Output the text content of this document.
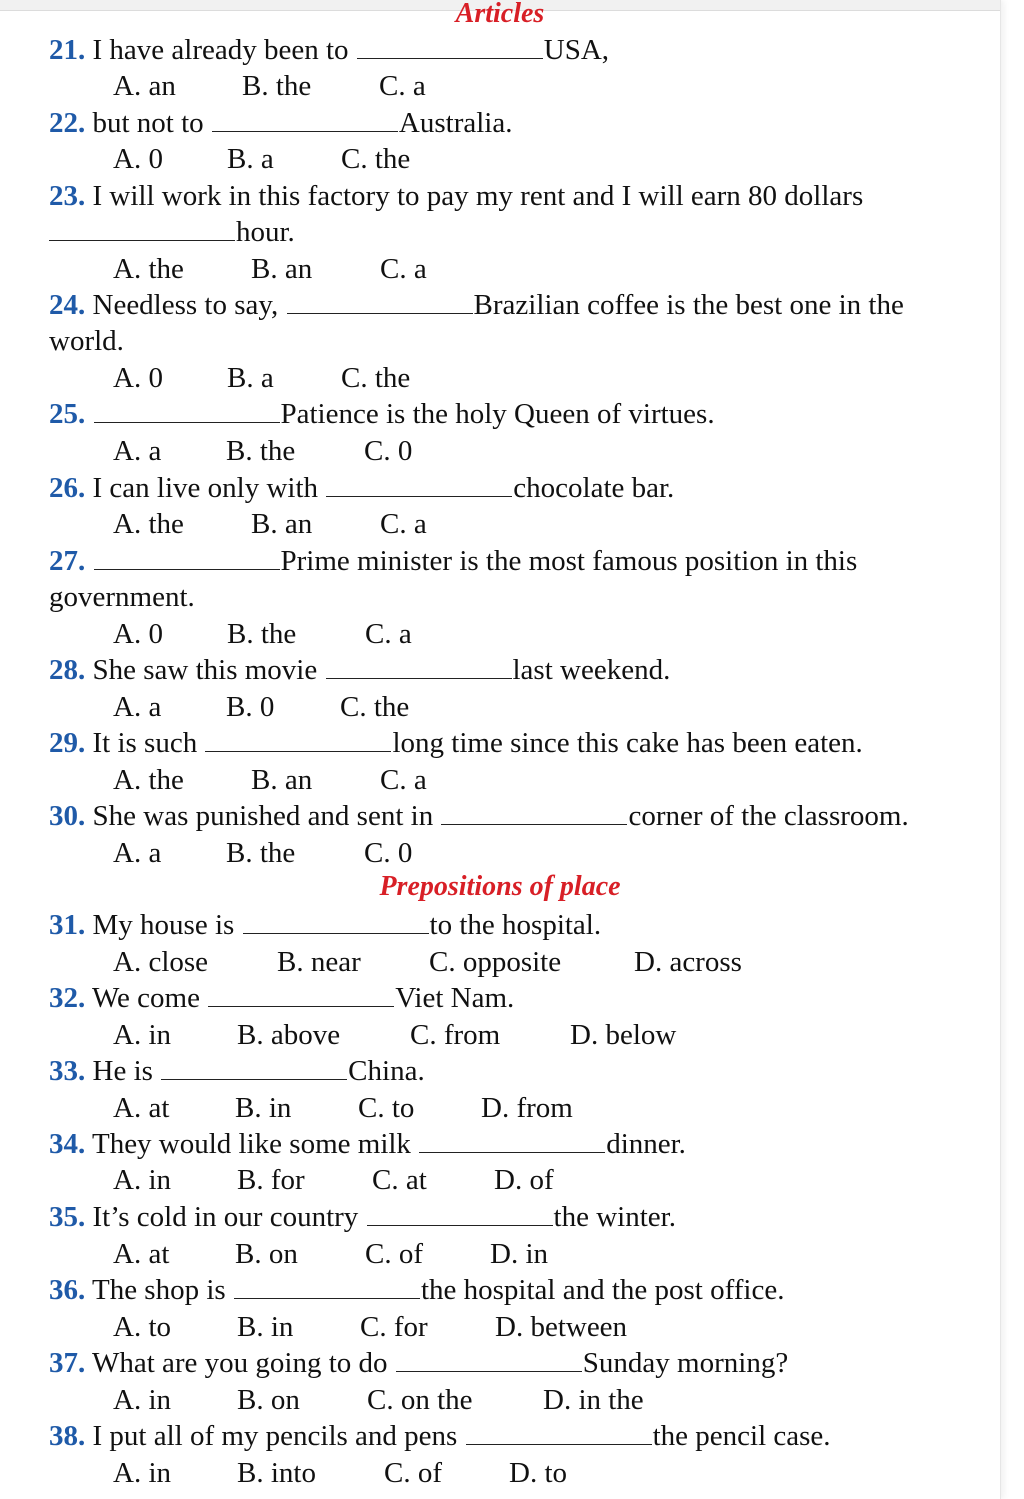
Articles
21. I have already been to	USA,
A. an B. the C. a
22. but not to	Australia.
A. 0 B. a C. the
23. I will work in this factory to pay my rent and I will earn 80 dollars
hour.
A. the B. an C. a
24. Needless to say,	Brazilian coffee is the best one in the
world.
A. 0 B. a C. the
25.	Patience is the holy Queen of virtues.
A. a B. the C. 0
26. I can live only with	chocolate bar.
A. the B. an C. a
27.	Prime minister is the most famous position in this
government.
A. 0 B. the C. a
28. She saw this movie	last weekend.
A. a B. 0 C. the
29. It is such	long time since this cake has been eaten.
A. the B. an C. a
30. She was punished and sent in	corner of the classroom.
A. a B. the C. 0
Prepositions of place
31. My house is	to the hospital.
A. close B. near C. opposite	D. across
32. We come	Viet Nam.
A. in B. above C. from D. below
33. He is	China.
A. at B. in C. to D. from
34. They would like some milk	dinner.
A. in B. for C. at D. of
35. It’s cold in our country	the winter.
A. at B. on C. of D. in
36. The shop is	the hospital and the post office.
A. to B. in C. for D. between
37. What are you going to do	Sunday morning?
A. in B. on C. on the D. in the
38. I put all of my pencils and pens	the pencil case.
A. in B. into C. of D. to
